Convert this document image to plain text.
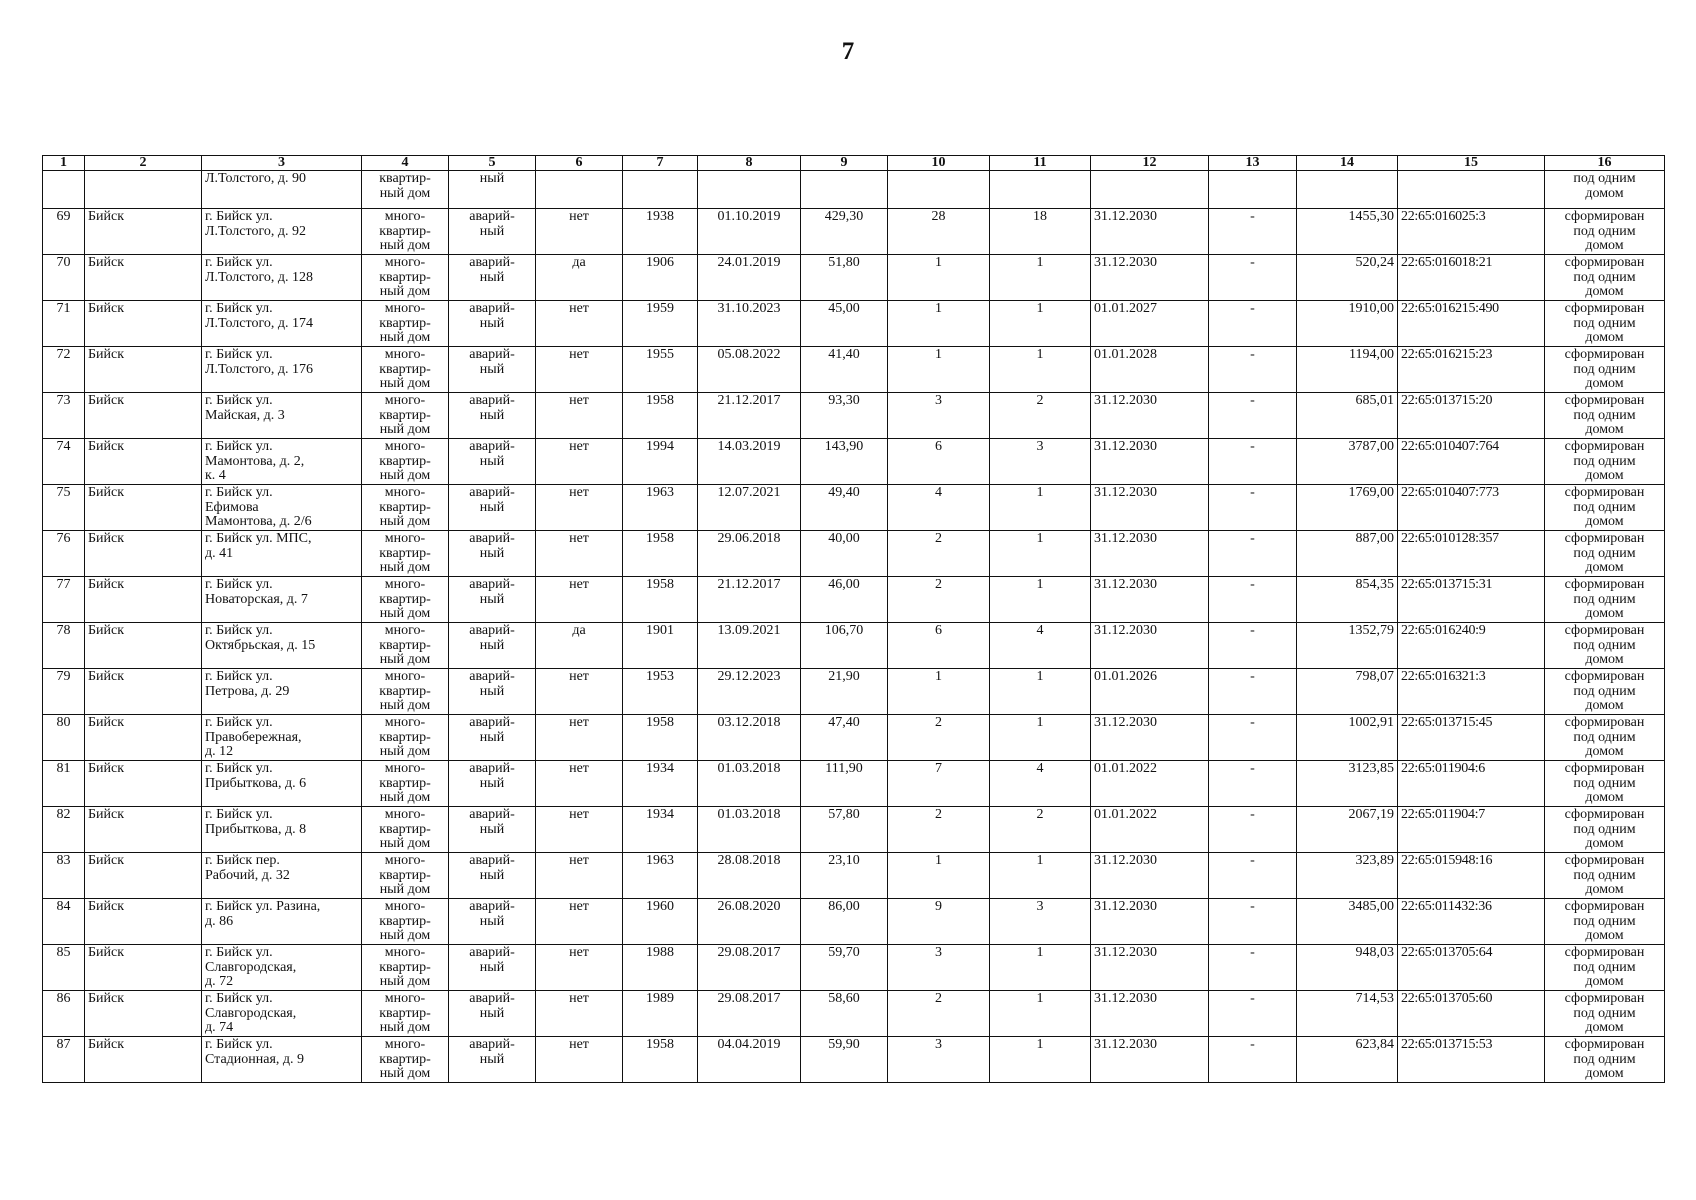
7
1	2	3	4	5	6	7	8	9	10	11	12	13	14	15	16
		Л.Толстого, д. 90	квартир-
ный дом	ный											под одним
домом
69	Бийск	г. Бийск ул.
Л.Толстого, д. 92	много-
квартир-
ный дом	аварий-
ный	нет	1938	01.10.2019	429,30	28	18	31.12.2030	-	1455,30	22:65:016025:3	сформирован
под одним
домом
70	Бийск	г. Бийск ул.
Л.Толстого, д. 128	много-
квартир-
ный дом	аварий-
ный	да	1906	24.01.2019	51,80	1	1	31.12.2030	-	520,24	22:65:016018:21	сформирован
под одним
домом
71	Бийск	г. Бийск ул.
Л.Толстого, д. 174	много-
квартир-
ный дом	аварий-
ный	нет	1959	31.10.2023	45,00	1	1	01.01.2027	-	1910,00	22:65:016215:490	сформирован
под одним
домом
72	Бийск	г. Бийск ул.
Л.Толстого, д. 176	много-
квартир-
ный дом	аварий-
ный	нет	1955	05.08.2022	41,40	1	1	01.01.2028	-	1194,00	22:65:016215:23	сформирован
под одним
домом
73	Бийск	г. Бийск ул.
Майская, д. 3	много-
квартир-
ный дом	аварий-
ный	нет	1958	21.12.2017	93,30	3	2	31.12.2030	-	685,01	22:65:013715:20	сформирован
под одним
домом
74	Бийск	г. Бийск ул.
Мамонтова, д. 2,
к. 4	много-
квартир-
ный дом	аварий-
ный	нет	1994	14.03.2019	143,90	6	3	31.12.2030	-	3787,00	22:65:010407:764	сформирован
под одним
домом
75	Бийск	г. Бийск ул.
Ефимова
Мамонтова, д. 2/6	много-
квартир-
ный дом	аварий-
ный	нет	1963	12.07.2021	49,40	4	1	31.12.2030	-	1769,00	22:65:010407:773	сформирован
под одним
домом
76	Бийск	г. Бийск ул. МПС,
д. 41	много-
квартир-
ный дом	аварий-
ный	нет	1958	29.06.2018	40,00	2	1	31.12.2030	-	887,00	22:65:010128:357	сформирован
под одним
домом
77	Бийск	г. Бийск ул.
Новаторская, д. 7	много-
квартир-
ный дом	аварий-
ный	нет	1958	21.12.2017	46,00	2	1	31.12.2030	-	854,35	22:65:013715:31	сформирован
под одним
домом
78	Бийск	г. Бийск ул.
Октябрьская, д. 15	много-
квартир-
ный дом	аварий-
ный	да	1901	13.09.2021	106,70	6	4	31.12.2030	-	1352,79	22:65:016240:9	сформирован
под одним
домом
79	Бийск	г. Бийск ул.
Петрова, д. 29	много-
квартир-
ный дом	аварий-
ный	нет	1953	29.12.2023	21,90	1	1	01.01.2026	-	798,07	22:65:016321:3	сформирован
под одним
домом
80	Бийск	г. Бийск ул.
Правобережная,
д. 12	много-
квартир-
ный дом	аварий-
ный	нет	1958	03.12.2018	47,40	2	1	31.12.2030	-	1002,91	22:65:013715:45	сформирован
под одним
домом
81	Бийск	г. Бийск ул.
Прибыткова, д. 6	много-
квартир-
ный дом	аварий-
ный	нет	1934	01.03.2018	111,90	7	4	01.01.2022	-	3123,85	22:65:011904:6	сформирован
под одним
домом
82	Бийск	г. Бийск ул.
Прибыткова, д. 8	много-
квартир-
ный дом	аварий-
ный	нет	1934	01.03.2018	57,80	2	2	01.01.2022	-	2067,19	22:65:011904:7	сформирован
под одним
домом
83	Бийск	г. Бийск пер.
Рабочий, д. 32	много-
квартир-
ный дом	аварий-
ный	нет	1963	28.08.2018	23,10	1	1	31.12.2030	-	323,89	22:65:015948:16	сформирован
под одним
домом
84	Бийск	г. Бийск ул. Разина,
д. 86	много-
квартир-
ный дом	аварий-
ный	нет	1960	26.08.2020	86,00	9	3	31.12.2030	-	3485,00	22:65:011432:36	сформирован
под одним
домом
85	Бийск	г. Бийск ул.
Славгородская,
д. 72	много-
квартир-
ный дом	аварий-
ный	нет	1988	29.08.2017	59,70	3	1	31.12.2030	-	948,03	22:65:013705:64	сформирован
под одним
домом
86	Бийск	г. Бийск ул.
Славгородская,
д. 74	много-
квартир-
ный дом	аварий-
ный	нет	1989	29.08.2017	58,60	2	1	31.12.2030	-	714,53	22:65:013705:60	сформирован
под одним
домом
87	Бийск	г. Бийск ул.
Стадионная, д. 9	много-
квартир-
ный дом	аварий-
ный	нет	1958	04.04.2019	59,90	3	1	31.12.2030	-	623,84	22:65:013715:53	сформирован
под одним
домом
